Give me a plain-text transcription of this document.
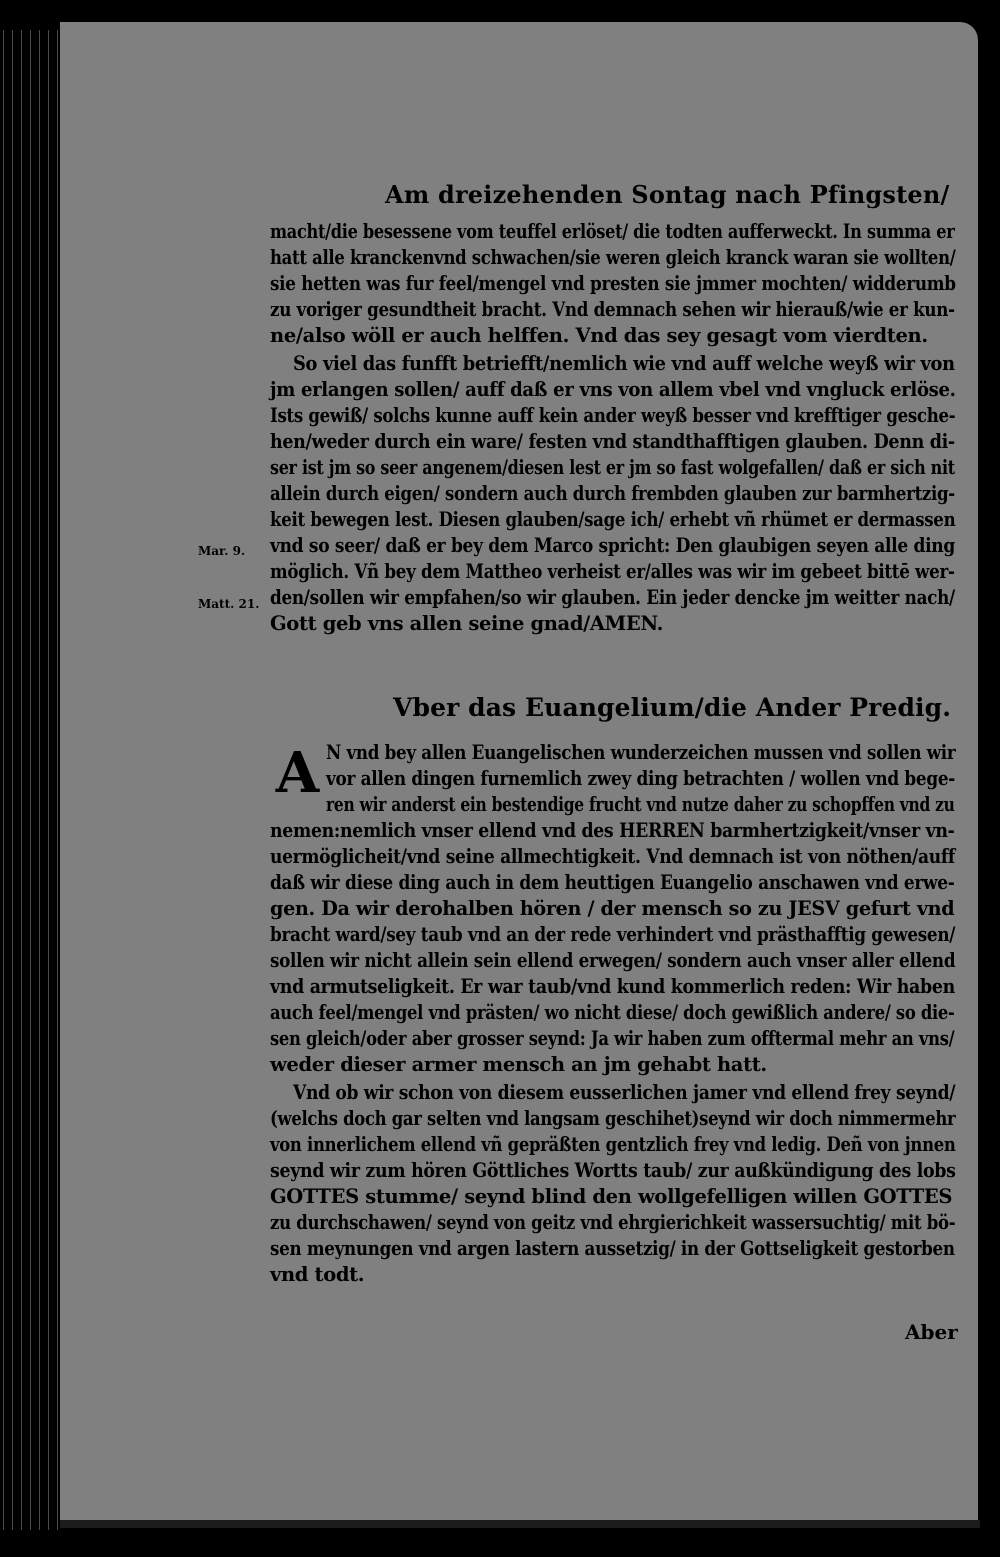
Am dreizehenden Sontag nach Pfingsten/
macht/die besessene vom teuffel erlöset/ die todten aufferweckt. In summa er
hatt alle kranckenvnd schwachen/sie weren gleich kranck waran sie wollten/
sie hetten was fur feel/mengel vnd presten sie jmmer mochten/ widderumb
zu voriger gesundtheit bracht. Vnd demnach sehen wir hierauß/wie er kun-
ne/also wöll er auch helffen. Vnd das sey gesagt vom vierdten.
So viel das funfft betriefft/nemlich wie vnd auff welche weyß wir von
jm erlangen sollen/ auff daß er vns von allem vbel vnd vngluck erlöse.
Ists gewiß/ solchs kunne auff kein ander weyß besser vnd krefftiger gesche-
hen/weder durch ein ware/ festen vnd standthafftigen glauben. Denn di-
ser ist jm so seer angenem/diesen lest er jm so fast wolgefallen/ daß er sich nit
allein durch eigen/ sondern auch durch frembden glauben zur barmhertzig-
keit bewegen lest. Diesen glauben/sage ich/ erhebt vñ rhümet er dermassen
vnd so seer/ daß er bey dem Marco spricht: Den glaubigen seyen alle ding
möglich. Vñ bey dem Mattheo verheist er/alles was wir im gebeet bittē wer-
den/sollen wir empfahen/so wir glauben. Ein jeder dencke jm weitter nach/
Gott geb vns allen seine gnad/AMEN.
Mar. 9.
Matt. 21.
Vber das Euangelium/die Ander Predig.
A N vnd bey allen Euangelischen wunderzeichen mussen vnd sollen wir
vor allen dingen furnemlich zwey ding betrachten / wollen vnd bege-
ren wir anderst ein bestendige frucht vnd nutze daher zu schopffen vnd zu
nemen:nemlich vnser ellend vnd des HERREN barmhertzigkeit/vnser vn-
uermöglicheit/vnd seine allmechtigkeit. Vnd demnach ist von nöthen/auff
daß wir diese ding auch in dem heuttigen Euangelio anschawen vnd erwe-
gen. Da wir derohalben hören / der mensch so zu JESV gefurt vnd
bracht ward/sey taub vnd an der rede verhindert vnd prästhafftig gewesen/
sollen wir nicht allein sein ellend erwegen/ sondern auch vnser aller ellend
vnd armutseligkeit. Er war taub/vnd kund kommerlich reden: Wir haben
auch feel/mengel vnd prästen/ wo nicht diese/ doch gewißlich andere/ so die-
sen gleich/oder aber grosser seynd: Ja wir haben zum offtermal mehr an vns/
weder dieser armer mensch an jm gehabt hatt.
Vnd ob wir schon von diesem eusserlichen jamer vnd ellend frey seynd/
(welchs doch gar selten vnd langsam geschihet)seynd wir doch nimmermehr
von innerlichem ellend vñ gepräßten gentzlich frey vnd ledig. Deñ von jnnen
seynd wir zum hören Göttliches Wortts taub/ zur außkündigung des lobs
GOTTES stumme/ seynd blind den wollgefelligen willen GOTTES
zu durchschawen/ seynd von geitz vnd ehrgierichkeit wassersuchtig/ mit bö-
sen meynungen vnd argen lastern aussetzig/ in der Gottseligkeit gestorben
vnd todt.
Aber
